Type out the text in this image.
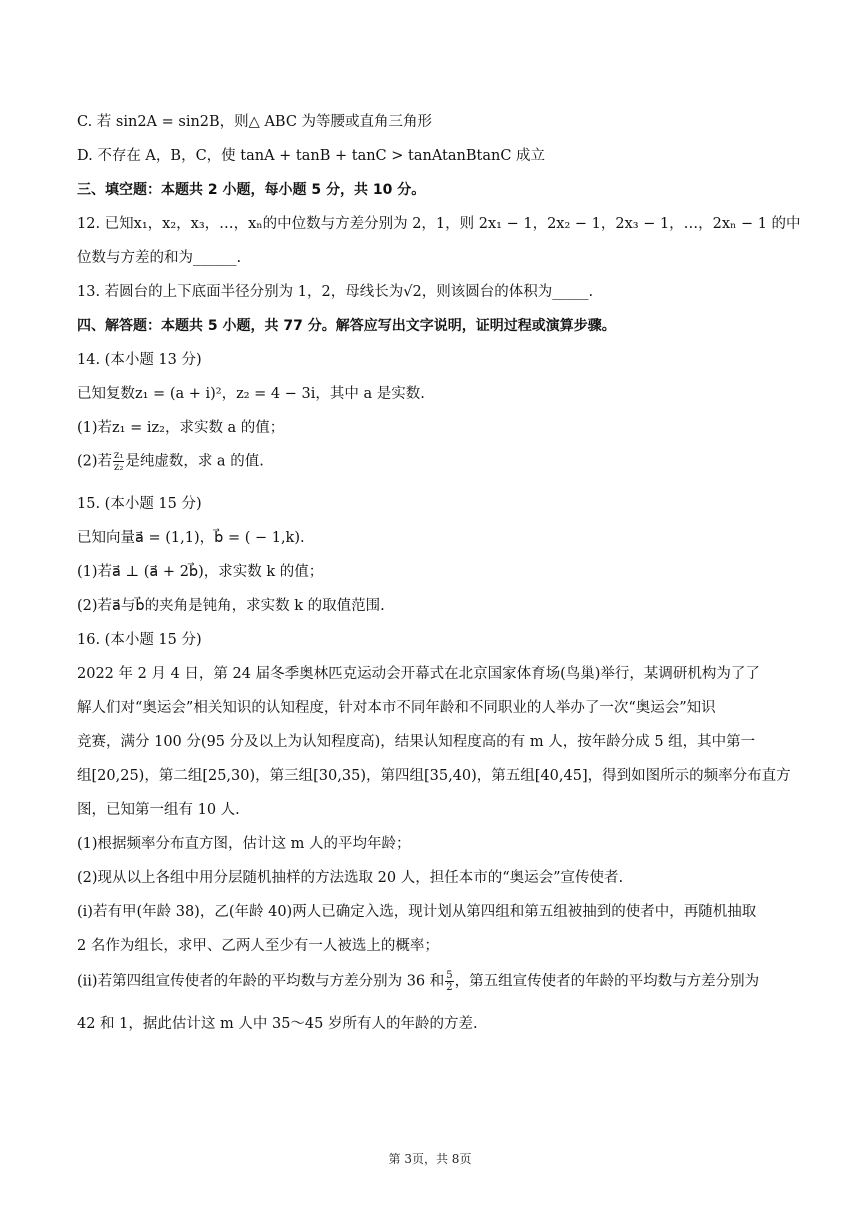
C. 若 sin2A = sin2B，则△ ABC 为等腰或直角三角形
D. 不存在 A，B，C，使 tanA + tanB + tanC > tanAtanBtanC 成立
三、填空题：本题共 2 小题，每小题 5 分，共 10 分。
12. 已知x₁，x₂，x₃，…，xₙ的中位数与方差分别为 2，1，则 2x₁ − 1，2x₂ − 1，2x₃ − 1，…，2xₙ − 1 的中
位数与方差的和为______.
13. 若圆台的上下底面半径分别为 1，2，母线长为√2，则该圆台的体积为_____.
四、解答题：本题共 5 小题，共 77 分。解答应写出文字说明，证明过程或演算步骤。
14. (本小题 13 分)
已知复数z₁ = (a + i)²，z₂ = 4 − 3i，其中 a 是实数.
(1)若z₁ = iz₂，求实数 a 的值；
(2)若 $\frac{\text{z₁}}{\text{z₂}}$ 是纯虚数，求 a 的值.
15. (本小题 15 分)
已知向量a⃗ = (1,1)，b⃗ = ( − 1,k).
(1)若a⃗ ⊥ (a⃗ + 2b⃗)，求实数 k 的值；
(2)若a⃗与b⃗的夹角是钝角，求实数 k 的取值范围.
16. (本小题 15 分)
2022 年 2 月 4 日，第 24 届冬季奥林匹克运动会开幕式在北京国家体育场(鸟巢)举行，某调研机构为了了
解人们对“奥运会”相关知识的认知程度，针对本市不同年龄和不同职业的人举办了一次“奥运会”知识
竞赛，满分 100 分(95 分及以上为认知程度高)，结果认知程度高的有 m 人，按年龄分成 5 组，其中第一
组[20,25)，第二组[25,30)，第三组[30,35)，第四组[35,40)，第五组[40,45]，得到如图所示的频率分布直方
图，已知第一组有 10 人.
(1)根据频率分布直方图，估计这 m 人的平均年龄；
(2)现从以上各组中用分层随机抽样的方法选取 20 人，担任本市的“奥运会”宣传使者.
(i)若有甲(年龄 38)，乙(年龄 40)两人已确定入选，现计划从第四组和第五组被抽到的使者中，再随机抽取
2 名作为组长，求甲、乙两人至少有一人被选上的概率；
(ii)若第四组宣传使者的年龄的平均数与方差分别为 36 和 $\frac{5}{2}$ ，第五组宣传使者的年龄的平均数与方差分别为
42 和 1，据此估计这 m 人中 35～45 岁所有人的年龄的方差.
第 3页，共 8页
